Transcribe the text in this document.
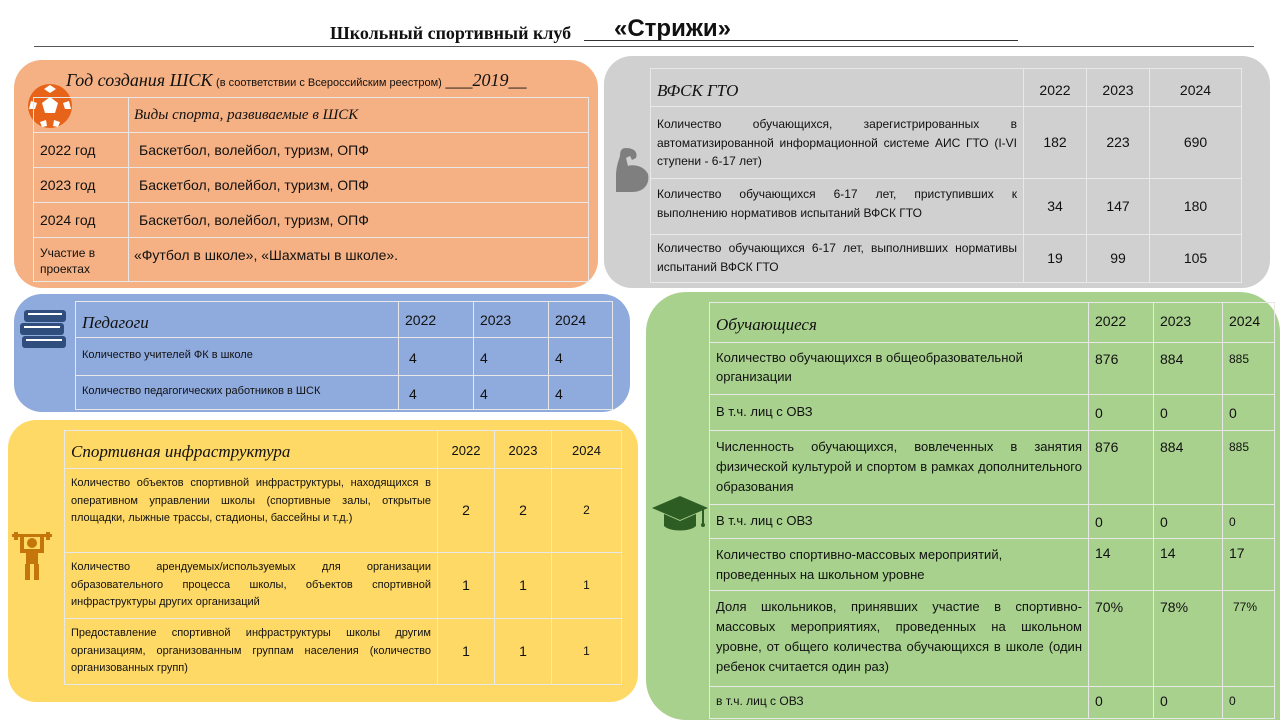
Школьный спортивный клуб «Стрижи»
Год создания ШСК (в соответствии с Всероссийским реестром) ___2019__
	Виды спорта, развиваемые в ШСК
2022 год	Баскетбол, волейбол, туризм, ОПФ
2023 год	Баскетбол, волейбол, туризм, ОПФ
2024 год	Баскетбол, волейбол, туризм, ОПФ
Участие в проектах	«Футбол в школе», «Шахматы в школе».
ВФСК ГТО	2022	2023	2024
Количество обучающихся, зарегистрированных в автоматизированной информационной системе АИС ГТО (I-VI ступени - 6-17 лет)	182	223	690
Количество обучающихся 6-17 лет, приступивших к выполнению нормативов испытаний ВФСК ГТО	34	147	180
Количество обучающихся 6-17 лет, выполнивших нормативы испытаний ВФСК ГТО	19	99	105
Педагоги	2022	2023	2024
Количество учителей ФК в школе	4	4	4
Количество педагогических работников в ШСК	4	4	4
Спортивная инфраструктура	2022	2023	2024
Количество объектов спортивной инфраструктуры, находящихся в оперативном управлении школы (спортивные залы, открытые площадки, лыжные трассы, стадионы, бассейны и т.д.)	2	2	2
Количество арендуемых/используемых для организации образовательного процесса школы, объектов спортивной инфраструктуры других организаций	1	1	1
Предоставление спортивной инфраструктуры школы другим организациям, организованным группам населения (количество организованных групп)	1	1	1
Обучающиеся	2022	2023	2024
Количество обучающихся в общеобразовательной организации	876	884	885
В т.ч. лиц с ОВЗ	0	0	0
Численность обучающихся, вовлеченных в занятия физической культурой и спортом в рамках дополнительного образования	876	884	885
В т.ч. лиц с ОВЗ	0	0	0
Количество спортивно-массовых мероприятий, проведенных на школьном уровне	14	14	17
Доля школьников, принявших участие в спортивно-массовых мероприятиях, проведенных на школьном уровне, от общего количества обучающихся в школе (один ребенок считается один раз)	70%	78%	77%
в т.ч. лиц с ОВЗ	0	0	0
